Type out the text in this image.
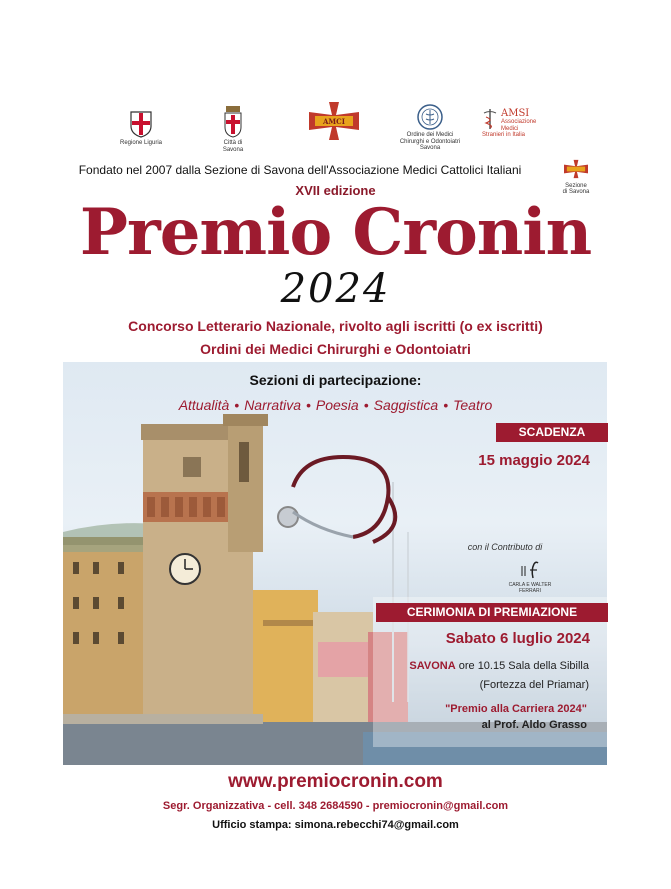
Regione Liguria	Città di Savona
AMCI
Ordine dei Medici
Chirurghi e Odontoiatri
Savona
AMSI
Associazione Medici
Stranieri in Italia
Fondato nel 2007 dalla Sezione di Savona dell'Associazione Medici Cattolici Italiani
Sezione
di Savona
XVII edizione
Premio Cronin
2024
Concorso Letterario Nazionale, rivolto agli iscritti (o ex iscritti)
Ordini dei Medici Chirurghi e Odontoiatri
Sezioni di partecipazione:
Attualità • Narrativa • Poesia • Saggistica • Teatro
SCADENZA
15 maggio 2024
con il Contributo di
CARLA E WALTER FERRARI
CERIMONIA DI PREMIAZIONE
Sabato 6 luglio 2024
SAVONA ore 10.15 Sala della Sibilla
(Fortezza del Priamar)
"Premio alla Carriera 2024"
al Prof. Aldo Grasso
www.premiocronin.com
Segr. Organizzativa - cell. 348 2684590 - premiocronin@gmail.com
Ufficio stampa: simona.rebecchi74@gmail.com
